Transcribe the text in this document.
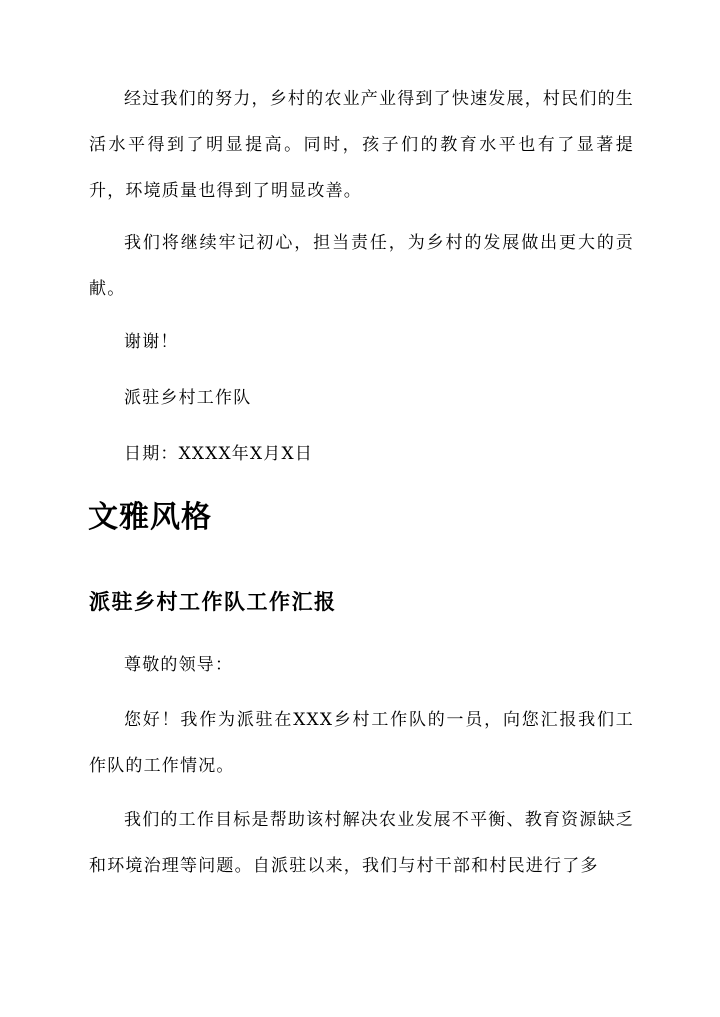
经过我们的努力，乡村的农业产业得到了快速发展，村民们的生活水平得到了明显提高。同时，孩子们的教育水平也有了显著提升，环境质量也得到了明显改善。

我们将继续牢记初心，担当责任，为乡村的发展做出更大的贡献。

谢谢！

派驻乡村工作队

日期：XXXX年X月X日

文雅风格
派驻乡村工作队工作汇报

尊敬的领导：

您好！我作为派驻在XXX乡村工作队的一员，向您汇报我们工作队的工作情况。

我们的工作目标是帮助该村解决农业发展不平衡、教育资源缺乏和环境治理等问题。自派驻以来，我们与村干部和村民进行了多
